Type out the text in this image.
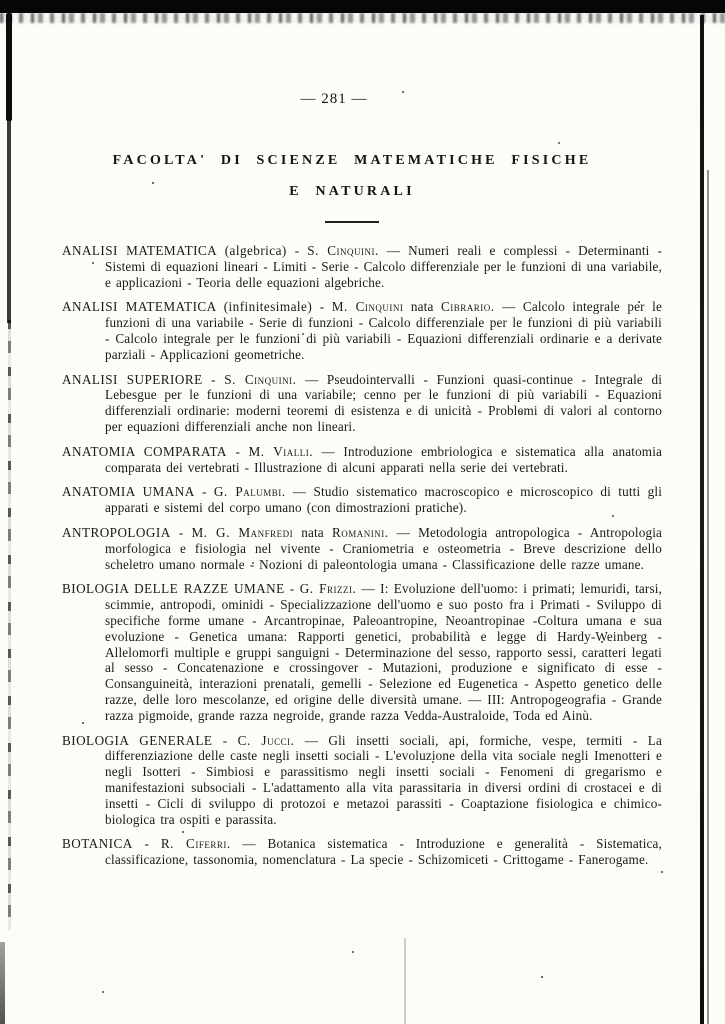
— 281 —
FACOLTA' DI SCIENZE MATEMATICHE FISICHE
E NATURALI

ANALISI MATEMATICA (algebrica) - S. Cinquini. — Numeri reali e complessi - Determinanti - Sistemi di equazioni lineari - Limiti - Serie - Calcolo differenziale per le funzioni di una variabile, e applicazioni - Teoria delle equazioni algebriche.

ANALISI MATEMATICA (infinitesimale) - M. Cinquini nata Cibrario. — Calcolo integrale per le funzioni di una variabile - Serie di funzioni - Calcolo differenziale per le funzioni di più variabili - Calcolo integrale per le funzioni di più variabili - Equazioni differenziali ordinarie e a derivate parziali - Applicazioni geometriche.

ANALISI SUPERIORE - S. Cinquini. — Pseudointervalli - Funzioni quasi-continue - Integrale di Lebesgue per le funzioni di una variabile; cenno per le funzioni di più variabili - Equazioni differenziali ordinarie: moderni teoremi di esistenza e di unicità - Problemi di valori al contorno per equazioni differenziali anche non lineari.

ANATOMIA COMPARATA - M. Vialli. — Introduzione embriologica e sistematica alla anatomia comparata dei vertebrati - Illustrazione di alcuni apparati nella serie dei vertebrati.

ANATOMIA UMANA - G. Palumbi. — Studio sistematico macroscopico e microscopico di tutti gli apparati e sistemi del corpo umano (con dimostrazioni pratiche).

ANTROPOLOGIA - M. G. Manfredi nata Romanini. — Metodologia antropologica - Antropologia morfologica e fisiologia nel vivente - Craniometria e osteometria - Breve descrizione dello scheletro umano normale - Nozioni di paleontologia umana - Classificazione delle razze umane.

BIOLOGIA DELLE RAZZE UMANE - G. Frizzi. — I: Evoluzione dell'uomo: i primati; lemuridi, tarsi, scimmie, antropodi, ominidi - Specializzazione dell'uomo e suo posto fra i Primati - Sviluppo di specifiche forme umane - Arcantropinae, Paleoantropine, Neoantropinae -Coltura umana e sua evoluzione - Genetica umana: Rapporti genetici, probabilità e legge di Hardy-Weinberg - Allelomorfi multiple e gruppi sanguigni - Determinazione del sesso, rapporto sessi, caratteri legati al sesso - Concatenazione e crossingover - Mutazioni, produzione e significato di esse - Consanguineità, interazioni prenatali, gemelli - Selezione ed Eugenetica - Aspetto genetico delle razze, delle loro mescolanze, ed origine delle diversità umane. — III: Antropogeografia - Grande razza pigmoide, grande razza negroide, grande razza Vedda-Australoide, Toda ed Ainù.

BIOLOGIA GENERALE - C. Jucci. — Gli insetti sociali, api, formiche, vespe, termiti - La differenziazione delle caste negli insetti sociali - L'evoluzione della vita sociale negli Imenotteri e negli Isotteri - Simbiosi e parassitismo negli insetti sociali - Fenomeni di gregarismo e manifestazioni subsociali - L'adattamento alla vita parassitaria in diversi ordini di crostacei e di insetti - Cicli di sviluppo di protozoi e metazoi parassiti - Coaptazione fisiologica e chimico-biologica tra ospiti e parassita.

BOTANICA - R. Ciferri. — Botanica sistematica - Introduzione e generalità - Sistematica, classificazione, tassonomia, nomenclatura - La specie - Schizomiceti - Crittogame - Fanerogame.
